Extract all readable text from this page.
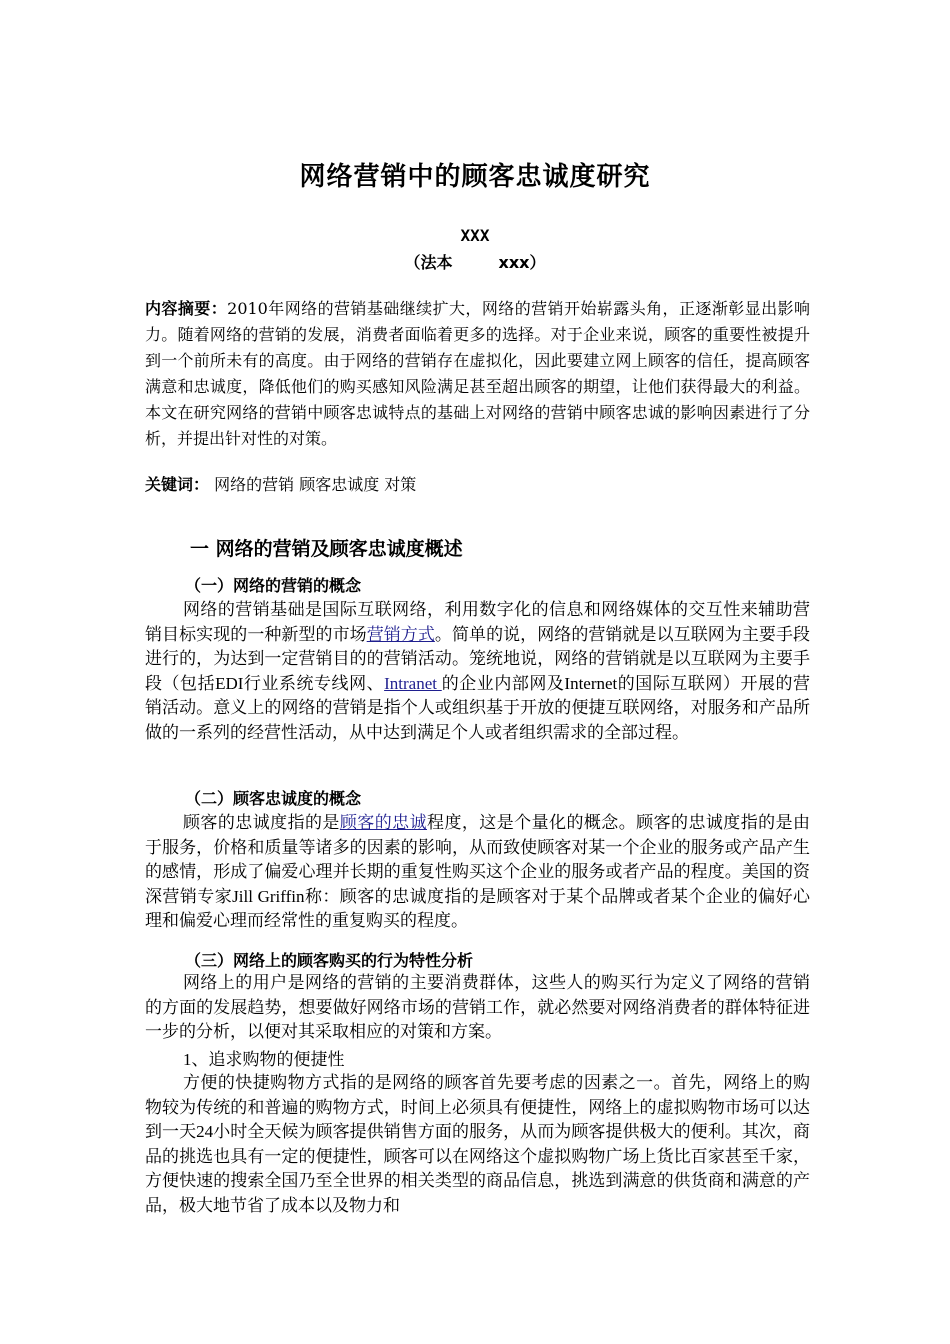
网络营销中的顾客忠诚度研究
XXX
（法本	xxx）

内容摘要：2010年网络的营销基础继续扩大，网络的营销开始崭露头角，正逐渐彰显出影响力。随着网络的营销的发展，消费者面临着更多的选择。对于企业来说，顾客的重要性被提升到一个前所未有的高度。由于网络的营销存在虚拟化，因此要建立网上顾客的信任，提高顾客满意和忠诚度，降低他们的购买感知风险满足甚至超出顾客的期望，让他们获得最大的利益。本文在研究网络的营销中顾客忠诚特点的基础上对网络的营销中顾客忠诚的影响因素进行了分析，并提出针对性的对策。

关键词： 网络的营销 顾客忠诚度 对策

一 网络的营销及顾客忠诚度概述
（一）网络的营销的概念

网络的营销基础是国际互联网络，利用数字化的信息和网络媒体的交互性来辅助营销目标实现的一种新型的市场营销方式。简单的说，网络的营销就是以互联网为主要手段进行的，为达到一定营销目的的营销活动。笼统地说，网络的营销就是以互联网为主要手段（包括EDI行业系统专线网、Intranet 的企业内部网及Internet的国际互联网）开展的营销活动。意义上的网络的营销是指个人或组织基于开放的便捷互联网络，对服务和产品所做的一系列的经营性活动，从中达到满足个人或者组织需求的全部过程。

（二）顾客忠诚度的概念

顾客的忠诚度指的是顾客的忠诚程度，这是个量化的概念。顾客的忠诚度指的是由于服务，价格和质量等诸多的因素的影响，从而致使顾客对某一个企业的服务或产品产生的感情，形成了偏爱心理并长期的重复性购买这个企业的服务或者产品的程度。美国的资深营销专家Jill Griffin称：顾客的忠诚度指的是顾客对于某个品牌或者某个企业的偏好心理和偏爱心理而经常性的重复购买的程度。

（三）网络上的顾客购买的行为特性分析

网络上的用户是网络的营销的主要消费群体，这些人的购买行为定义了网络的营销的方面的发展趋势，想要做好网络市场的营销工作，就必然要对网络消费者的群体特征进一步的分析，以便对其采取相应的对策和方案。

1、追求购物的便捷性

方便的快捷购物方式指的是网络的顾客首先要考虑的因素之一。首先，网络上的购物较为传统的和普遍的购物方式，时间上必须具有便捷性，网络上的虚拟购物市场可以达到一天24小时全天候为顾客提供销售方面的服务，从而为顾客提供极大的便利。其次，商品的挑选也具有一定的便捷性，顾客可以在网络这个虚拟购物广场上货比百家甚至千家，方便快速的搜索全国乃至全世界的相关类型的商品信息，挑选到满意的供货商和满意的产品，极大地节省了成本以及物力和
